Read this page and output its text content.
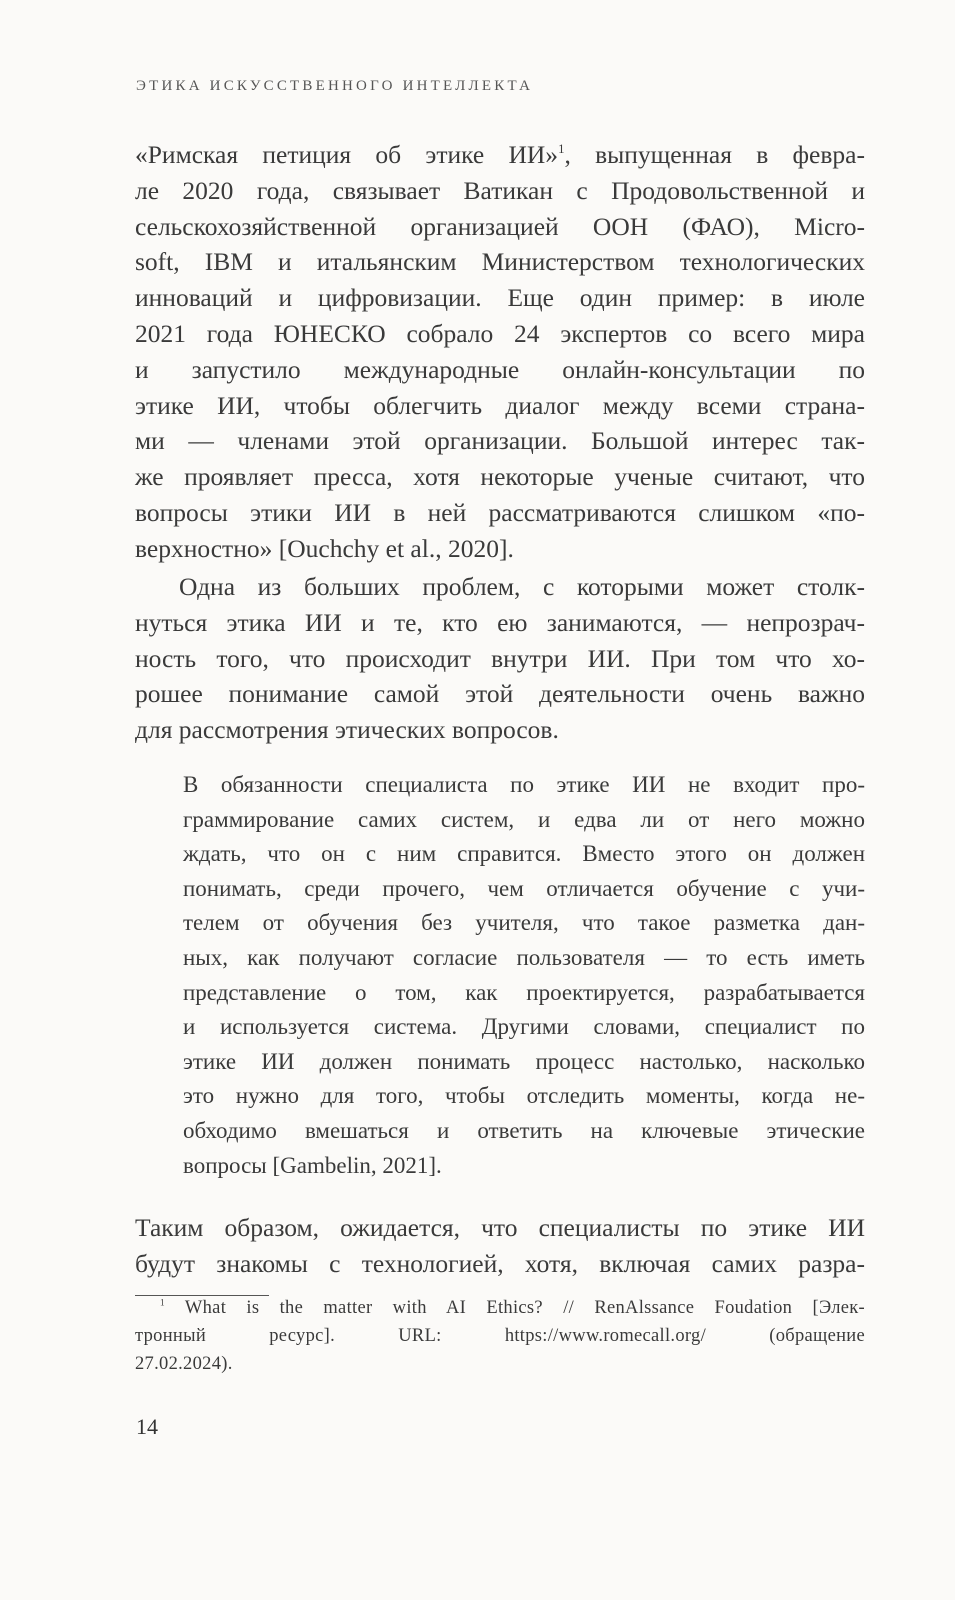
ЭТИКА ИСКУССТВЕННОГО ИНТЕЛЛЕКТА
«Римская петиция об этике ИИ»$^1$, выпущенная в февра-
ле 2020 года, связывает Ватикан с Продовольственной и
сельскохозяйственной организацией ООН (ФАО), Micro-
soft, IBM и итальянским Министерством технологических
инноваций и цифровизации. Еще один пример: в июле
2021 года ЮНЕСКО собрало 24 экспертов со всего мира
и запустило международные онлайн-консультации по
этике ИИ, чтобы облегчить диалог между всеми страна-
ми — членами этой организации. Большой интерес так-
же проявляет пресса, хотя некоторые ученые считают, что
вопросы этики ИИ в ней рассматриваются слишком «по-
верхностно» [Ouchchy et al., 2020].
Одна из больших проблем, с которыми может столк-
нуться этика ИИ и те, кто ею занимаются, — непрозрач-
ность того, что происходит внутри ИИ. При том что хо-
рошее понимание самой этой деятельности очень важно
для рассмотрения этических вопросов.
В обязанности специалиста по этике ИИ не входит про-
граммирование самих систем, и едва ли от него можно
ждать, что он с ним справится. Вместо этого он должен
понимать, среди прочего, чем отличается обучение с учи-
телем от обучения без учителя, что такое разметка дан-
ных, как получают согласие пользователя — то есть иметь
представление о том, как проектируется, разрабатывается
и используется система. Другими словами, специалист по
этике ИИ должен понимать процесс настолько, насколько
это нужно для того, чтобы отследить моменты, когда не-
обходимо вмешаться и ответить на ключевые этические
вопросы [Gambelin, 2021].
Таким образом, ожидается, что специалисты по этике ИИ
будут знакомы с технологией, хотя, включая самих разра-
$^1$ What is the matter with AI Ethics? // RenAlssance Foudation [Элек-
тронный ресурс]. URL: https://www.romecall.org/ (обращение
27.02.2024).
14
